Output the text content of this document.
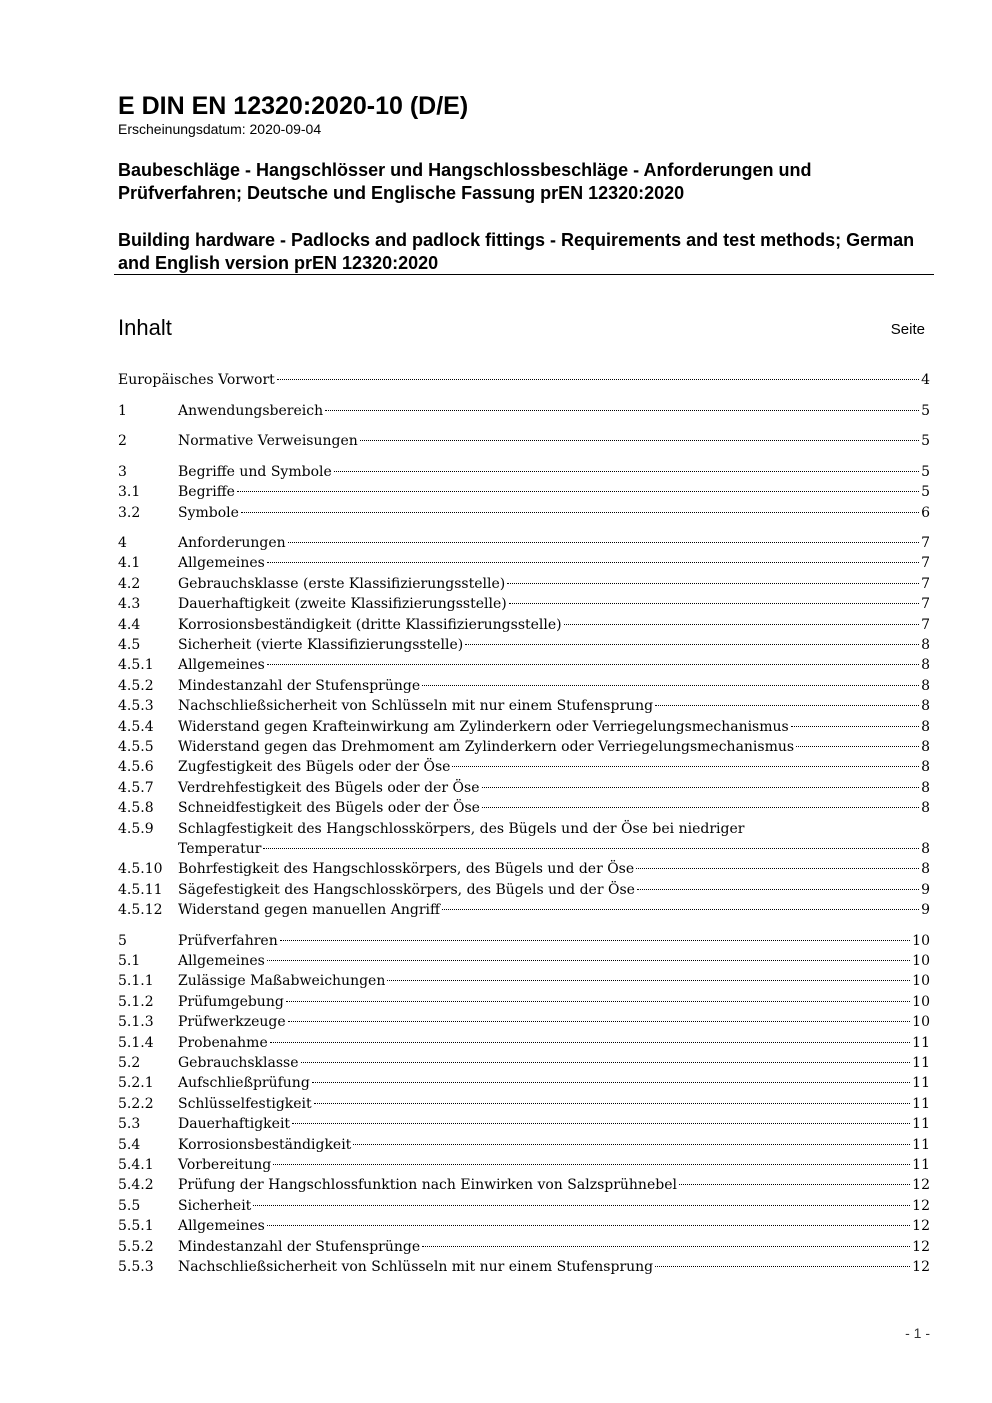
E DIN EN 12320:2020-10 (D/E)
Erscheinungsdatum: 2020-09-04
Baubeschläge - Hangschlösser und Hangschlossbeschläge - Anforderungen und Prüfverfahren; Deutsche und Englische Fassung prEN 12320:2020
Building hardware - Padlocks and padlock fittings - Requirements and test methods; German and English version prEN 12320:2020
Inhalt	Seite
Europäisches Vorwort	4
1	Anwendungsbereich	5
2	Normative Verweisungen	5
3	Begriffe und Symbole	5
3.1	Begriffe	5
3.2	Symbole	6
4	Anforderungen	7
4.1	Allgemeines	7
4.2	Gebrauchsklasse (erste Klassifizierungsstelle)	7
4.3	Dauerhaftigkeit (zweite Klassifizierungsstelle)	7
4.4	Korrosionsbeständigkeit (dritte Klassifizierungsstelle)	7
4.5	Sicherheit (vierte Klassifizierungsstelle)	8
4.5.1	Allgemeines	8
4.5.2	Mindestanzahl der Stufensprünge	8
4.5.3	Nachschließsicherheit von Schlüsseln mit nur einem Stufensprung	8
4.5.4	Widerstand gegen Krafteinwirkung am Zylinderkern oder Verriegelungsmechanismus	8
4.5.5	Widerstand gegen das Drehmoment am Zylinderkern oder Verriegelungsmechanismus	8
4.5.6	Zugfestigkeit des Bügels oder der Öse	8
4.5.7	Verdrehfestigkeit des Bügels oder der Öse	8
4.5.8	Schneidfestigkeit des Bügels oder der Öse	8
4.5.9	Schlagfestigkeit des Hangschlosskörpers, des Bügels und der Öse bei niedriger
Temperatur	8
4.5.10	Bohrfestigkeit des Hangschlosskörpers, des Bügels und der Öse	8
4.5.11	Sägefestigkeit des Hangschlosskörpers, des Bügels und der Öse	9
4.5.12	Widerstand gegen manuellen Angriff	9
5	Prüfverfahren	10
5.1	Allgemeines	10
5.1.1	Zulässige Maßabweichungen	10
5.1.2	Prüfumgebung	10
5.1.3	Prüfwerkzeuge	10
5.1.4	Probenahme	11
5.2	Gebrauchsklasse	11
5.2.1	Aufschließprüfung	11
5.2.2	Schlüsselfestigkeit	11
5.3	Dauerhaftigkeit	11
5.4	Korrosionsbeständigkeit	11
5.4.1	Vorbereitung	11
5.4.2	Prüfung der Hangschlossfunktion nach Einwirken von Salzsprühnebel	12
5.5	Sicherheit	12
5.5.1	Allgemeines	12
5.5.2	Mindestanzahl der Stufensprünge	12
5.5.3	Nachschließsicherheit von Schlüsseln mit nur einem Stufensprung	12
- 1 -
